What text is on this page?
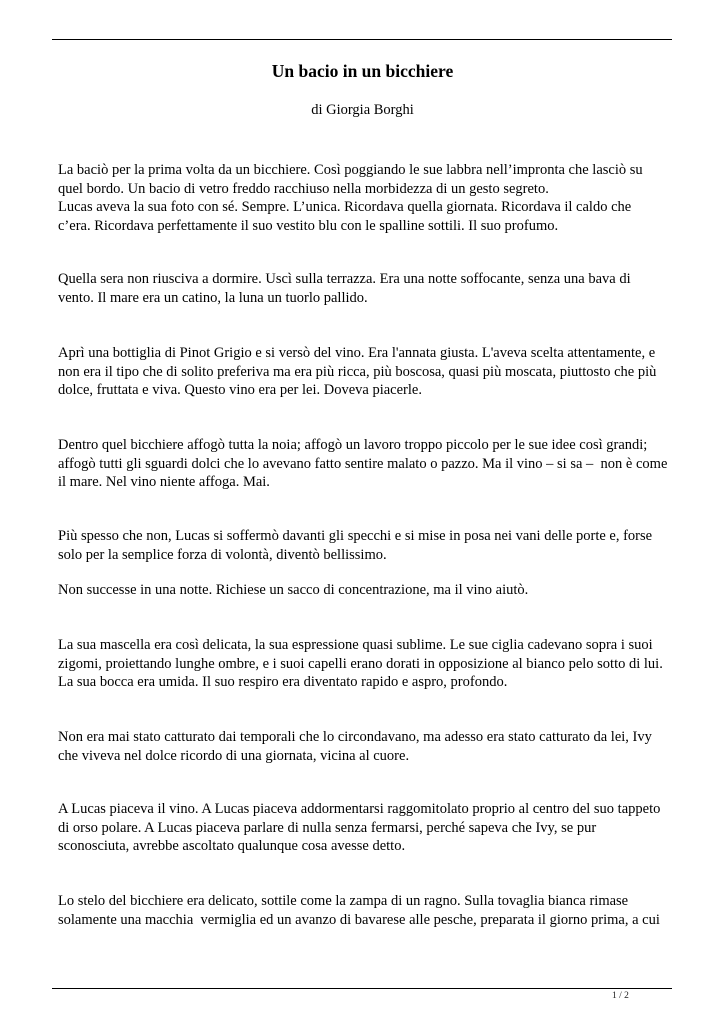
Un bacio in un bicchiere
di Giorgia Borghi

La baciò per la prima volta da un bicchiere. Così poggiando le sue labbra nell’impronta che lasciò su
quel bordo. Un bacio di vetro freddo racchiuso nella morbidezza di un gesto segreto.
Lucas aveva la sua foto con sé. Sempre. L’unica. Ricordava quella giornata. Ricordava il caldo che
c’era. Ricordava perfettamente il suo vestito blu con le spalline sottili. Il suo profumo.

Quella sera non riusciva a dormire. Uscì sulla terrazza. Era una notte soffocante, senza una bava di
vento. Il mare era un catino, la luna un tuorlo pallido.

Aprì una bottiglia di Pinot Grigio e si versò del vino. Era l'annata giusta. L'aveva scelta attentamente, e
non era il tipo che di solito preferiva ma era più ricca, più boscosa, quasi più moscata, piuttosto che più
dolce, fruttata e viva. Questo vino era per lei. Doveva piacerle.

Dentro quel bicchiere affogò tutta la noia; affogò un lavoro troppo piccolo per le sue idee così grandi;
affogò tutti gli sguardi dolci che lo avevano fatto sentire malato o pazzo. Ma il vino – si sa –  non è come
il mare. Nel vino niente affoga. Mai.

Più spesso che non, Lucas si soffermò davanti gli specchi e si mise in posa nei vani delle porte e, forse
solo per la semplice forza di volontà, diventò bellissimo.

Non successe in una notte. Richiese un sacco di concentrazione, ma il vino aiutò.

La sua mascella era così delicata, la sua espressione quasi sublime. Le sue ciglia cadevano sopra i suoi
zigomi, proiettando lunghe ombre, e i suoi capelli erano dorati in opposizione al bianco pelo sotto di lui.
La sua bocca era umida. Il suo respiro era diventato rapido e aspro, profondo.

Non era mai stato catturato dai temporali che lo circondavano, ma adesso era stato catturato da lei, Ivy
che viveva nel dolce ricordo di una giornata, vicina al cuore.

A Lucas piaceva il vino. A Lucas piaceva addormentarsi raggomitolato proprio al centro del suo tappeto
di orso polare. A Lucas piaceva parlare di nulla senza fermarsi, perché sapeva che Ivy, se pur
sconosciuta, avrebbe ascoltato qualunque cosa avesse detto.

Lo stelo del bicchiere era delicato, sottile come la zampa di un ragno. Sulla tovaglia bianca rimase
solamente una macchia  vermiglia ed un avanzo di bavarese alle pesche, preparata il giorno prima, a cui

1 / 2
